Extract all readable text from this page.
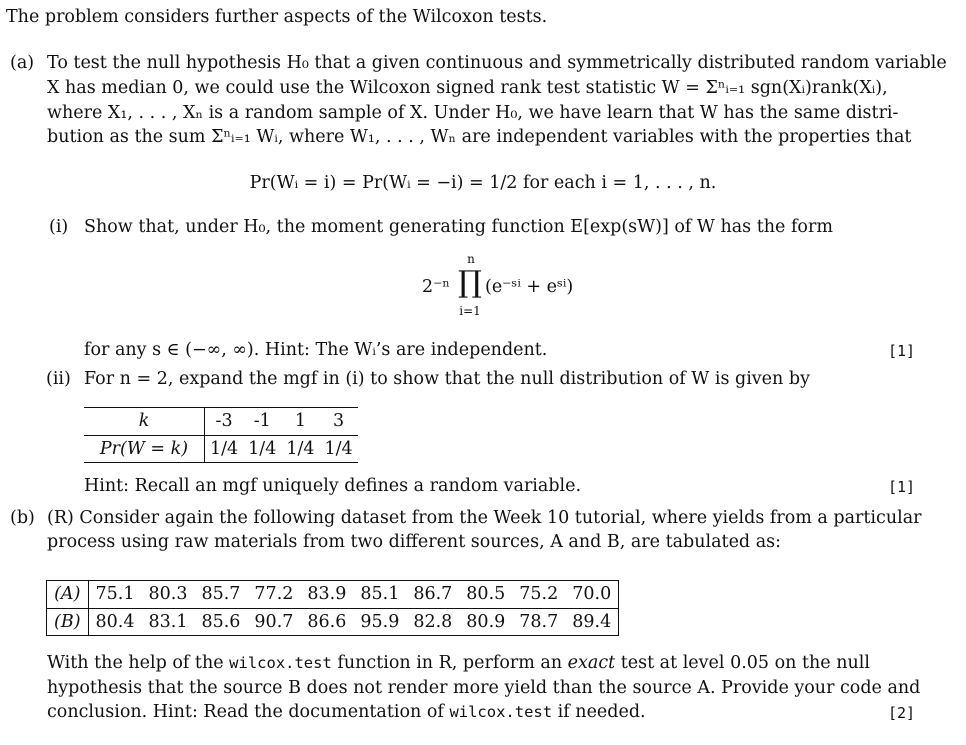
The problem considers further aspects of the Wilcoxon tests.
(a) To test the null hypothesis H₀ that a given continuous and symmetrically distributed random variable
X has median 0, we could use the Wilcoxon signed rank test statistic W = Σⁿᵢ₌₁ sgn(Xᵢ)rank(Xᵢ),
where X₁, . . . , Xₙ is a random sample of X. Under H₀, we have learn that W has the same distri-
bution as the sum Σⁿᵢ₌₁ Wᵢ, where W₁, . . . , Wₙ are independent variables with the properties that
Pr(Wᵢ = i) = Pr(Wᵢ = −i) = 1/2 for each i = 1, . . . , n.
(i) Show that, under H₀, the moment generating function E[exp(sW)] of W has the form
2⁻ⁿ
n
∏
i=1
(e⁻ˢⁱ + eˢⁱ)
for any s ∈ (−∞, ∞). Hint: The Wᵢ’s are independent.	[1]
(ii) For n = 2, expand the mgf in (i) to show that the null distribution of W is given by
k	-3	-1	1	3
Pr(W = k)	1/4	1/4	1/4	1/4
Hint: Recall an mgf uniquely defines a random variable.	[1]
(b) (R) Consider again the following dataset from the Week 10 tutorial, where yields from a particular
process using raw materials from two different sources, A and B, are tabulated as:
(A)	75.1	80.3	85.7	77.2	83.9	85.1	86.7	80.5	75.2	70.0
(B)	80.4	83.1	85.6	90.7	86.6	95.9	82.8	80.9	78.7	89.4
With the help of the wilcox.test function in R, perform an exact test at level 0.05 on the null
hypothesis that the source B does not render more yield than the source A. Provide your code and
conclusion. Hint: Read the documentation of wilcox.test if needed.	[2]
